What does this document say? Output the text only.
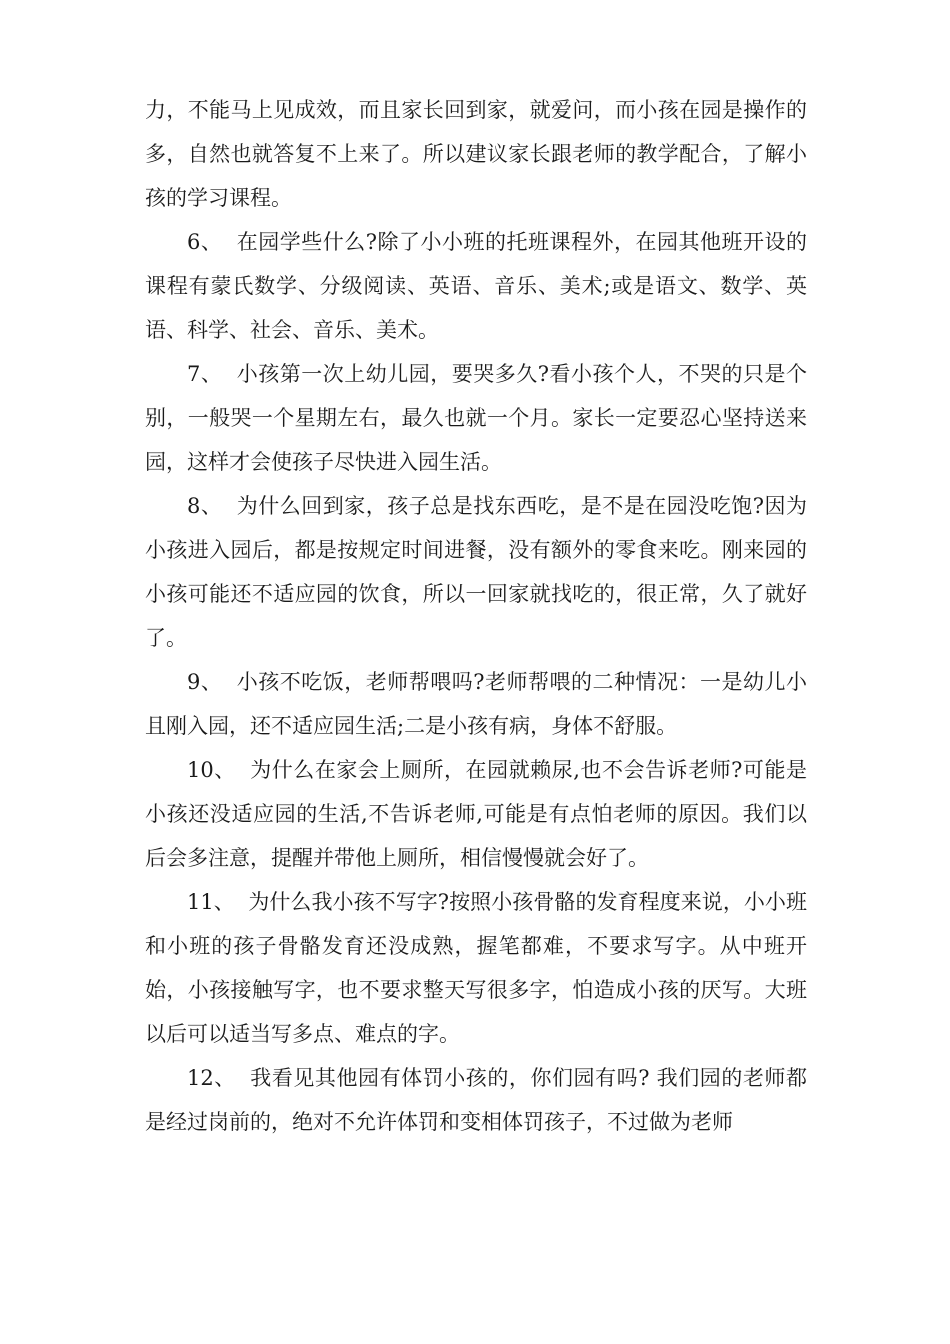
力，不能马上见成效，而且家长回到家，就爱问，而小孩在园是操作的多，自然也就答复不上来了。所以建议家长跟老师的教学配合，了解小孩的学习课程。

6、 在园学些什么?除了小小班的托班课程外，在园其他班开设的课程有蒙氏数学、分级阅读、英语、音乐、美术;或是语文、数学、英语、科学、社会、音乐、美术。

7、 小孩第一次上幼儿园，要哭多久?看小孩个人，不哭的只是个别，一般哭一个星期左右，最久也就一个月。家长一定要忍心坚持送来园，这样才会使孩子尽快进入园生活。

8、 为什么回到家，孩子总是找东西吃，是不是在园没吃饱?因为小孩进入园后，都是按规定时间进餐，没有额外的零食来吃。刚来园的小孩可能还不适应园的饮食，所以一回家就找吃的，很正常，久了就好了。

9、 小孩不吃饭，老师帮喂吗?老师帮喂的二种情况：一是幼儿小且刚入园，还不适应园生活;二是小孩有病，身体不舒服。

10、 为什么在家会上厕所，在园就赖尿,也不会告诉老师?可能是小孩还没适应园的生活,不告诉老师,可能是有点怕老师的原因。我们以后会多注意，提醒并带他上厕所，相信慢慢就会好了。

11、 为什么我小孩不写字?按照小孩骨骼的发育程度来说，小小班和小班的孩子骨骼发育还没成熟，握笔都难，不要求写字。从中班开始，小孩接触写字，也不要求整天写很多字，怕造成小孩的厌写。大班以后可以适当写多点、难点的字。

12、 我看见其他园有体罚小孩的，你们园有吗? 我们园的老师都是经过岗前的，绝对不允许体罚和变相体罚孩子，不过做为老师
